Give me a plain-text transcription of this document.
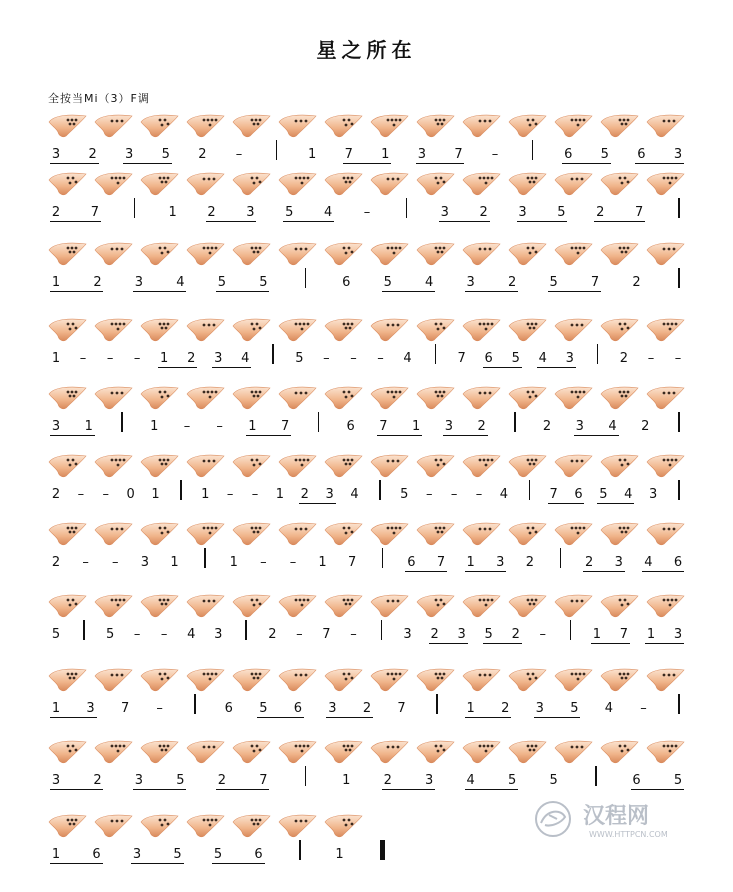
星之所在
全按当Mi（3）F调
3 2 3 5 2 –	1 7 1 3 7 –	6 5 6 3
2 7	1 2 3 5 4 –	3 2 3 5 2 7
1	2	3	4	5	5	6	5	4	3	2	5	7	2
1 – – – 1 2 3 4	5 – – – 4	7 6 5 4 3	2 – –
3 1	1 – – 1 7	6 7 1 3 2	2 3 4 2
2 – – 0 1	1 – – 1 2 3 4	5 – – – 4	7 6 5 4 3
2 – – 3 1	1 – – 1 7	6 7 1 3 2	2 3 4 6
5	5 – – 4 3	2 – 7 –	3 2 3 5 2 –	1 7 1 3
1 3 7 –	6 5 6 3 2 7	1 2 3 5 4 –
3	2	3	5	2	7	1	2	3	4	5	5	6	5
1 6 3 5 5 6	1
汉程网
WWW.HTTPCN.COM
